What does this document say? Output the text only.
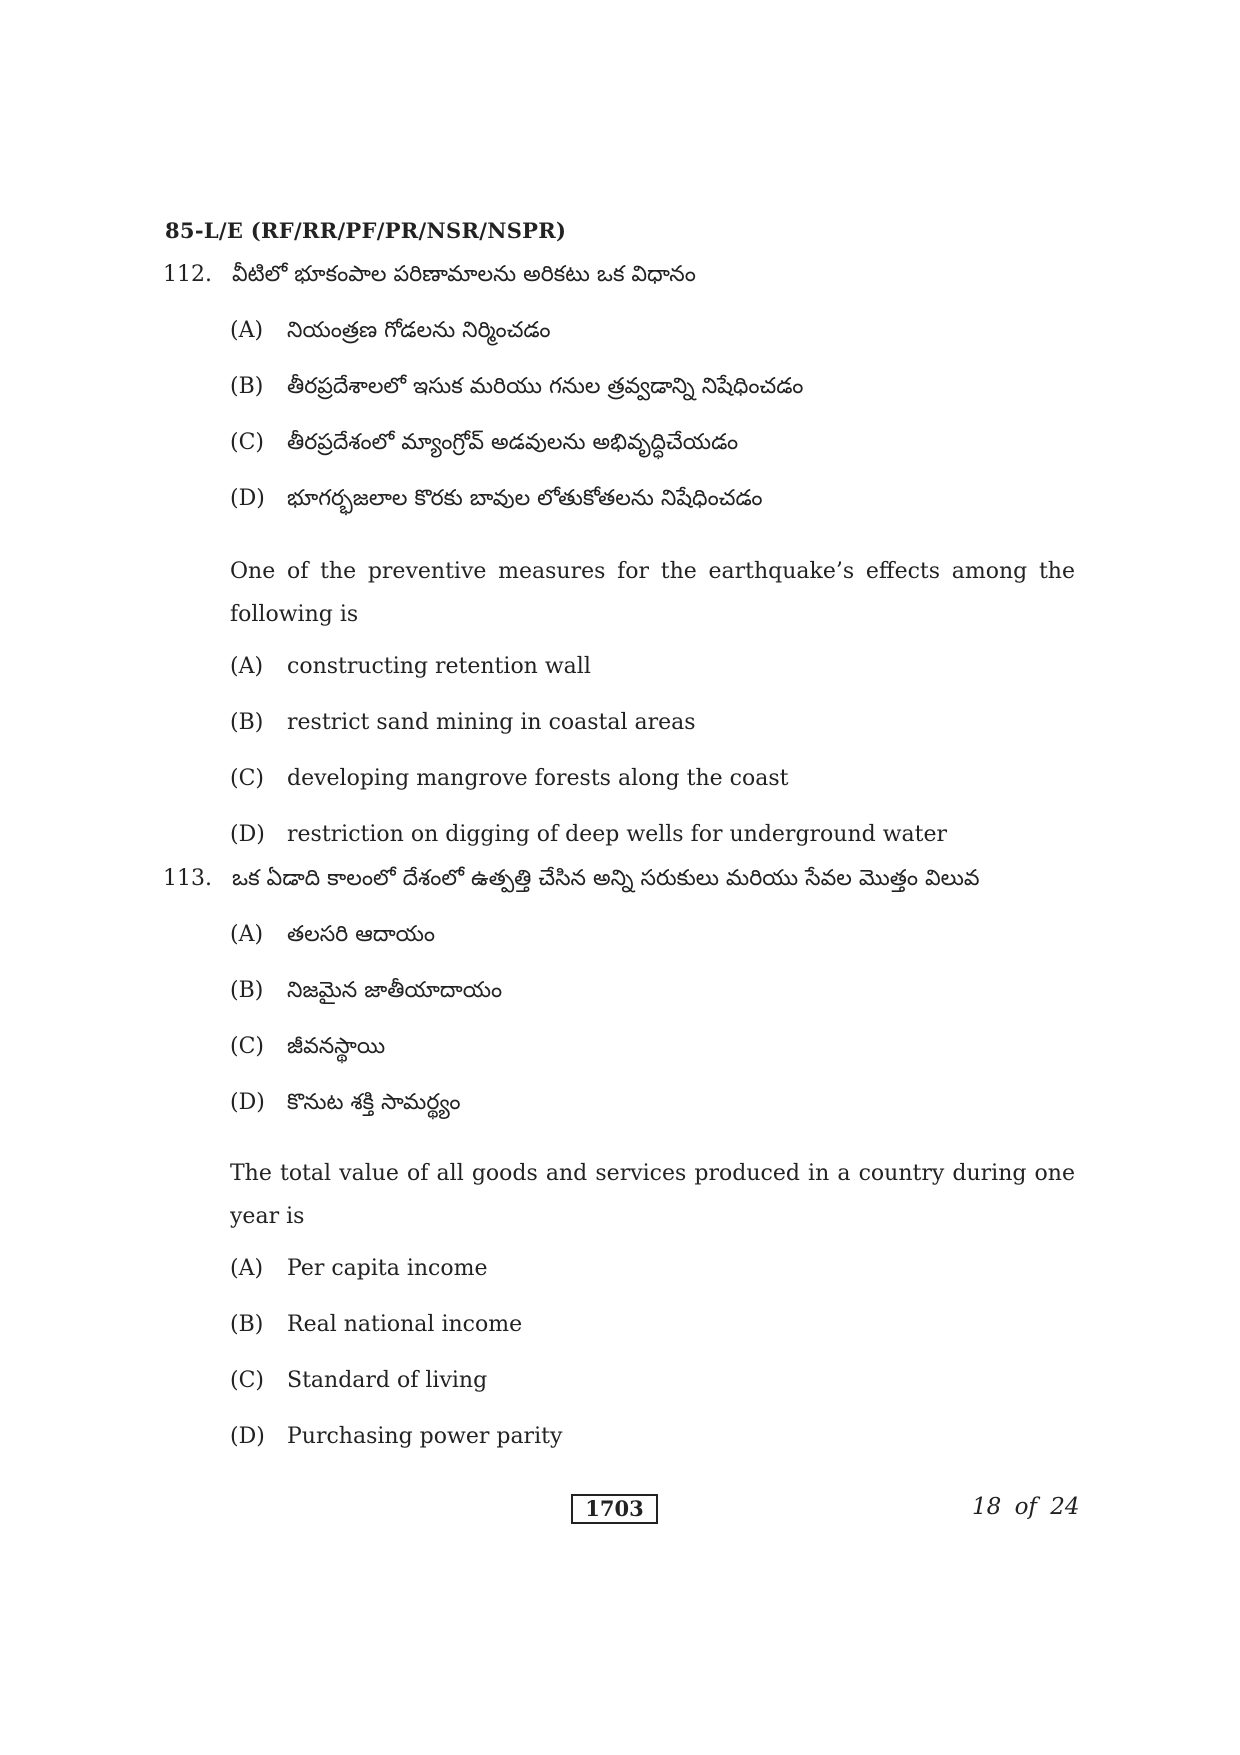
85-L/E (RF/RR/PF/PR/NSR/NSPR)
112. వీటిలో భూకంపాల పరిణామాలను అరికటు ఒక విధానం
(A) నియంత్రణ గోడలను నిర్మించడం
(B) తీరప్రదేశాలలో ఇసుక మరియు గనుల త్రవ్వడాన్ని నిషేధించడం
(C) తీరప్రదేశంలో మ్యాంగ్రోవ్ అడవులను అభివృద్ధిచేయడం
(D) భూగర్భజలాల కొరకు బావుల లోతుకోతలను నిషేధించడం
One of the preventive measures for the earthquake’s effects among the following is
(A) constructing retention wall
(B) restrict sand mining in coastal areas
(C) developing mangrove forests along the coast
(D) restriction on digging of deep wells for underground water
113. ఒక ఏడాది కాలంలో దేశంలో ఉత్పత్తి చేసిన అన్ని సరుకులు మరియు సేవల మొత్తం విలువ
(A) తలసరి ఆదాయం
(B) నిజమైన జాతీయాదాయం
(C) జీవనస్థాయి
(D) కొనుట శక్తి సామర్థ్యం
The total value of all goods and services produced in a country during one year is
(A) Per capita income
(B) Real national income
(C) Standard of living
(D) Purchasing power parity
1703	18 of 24
